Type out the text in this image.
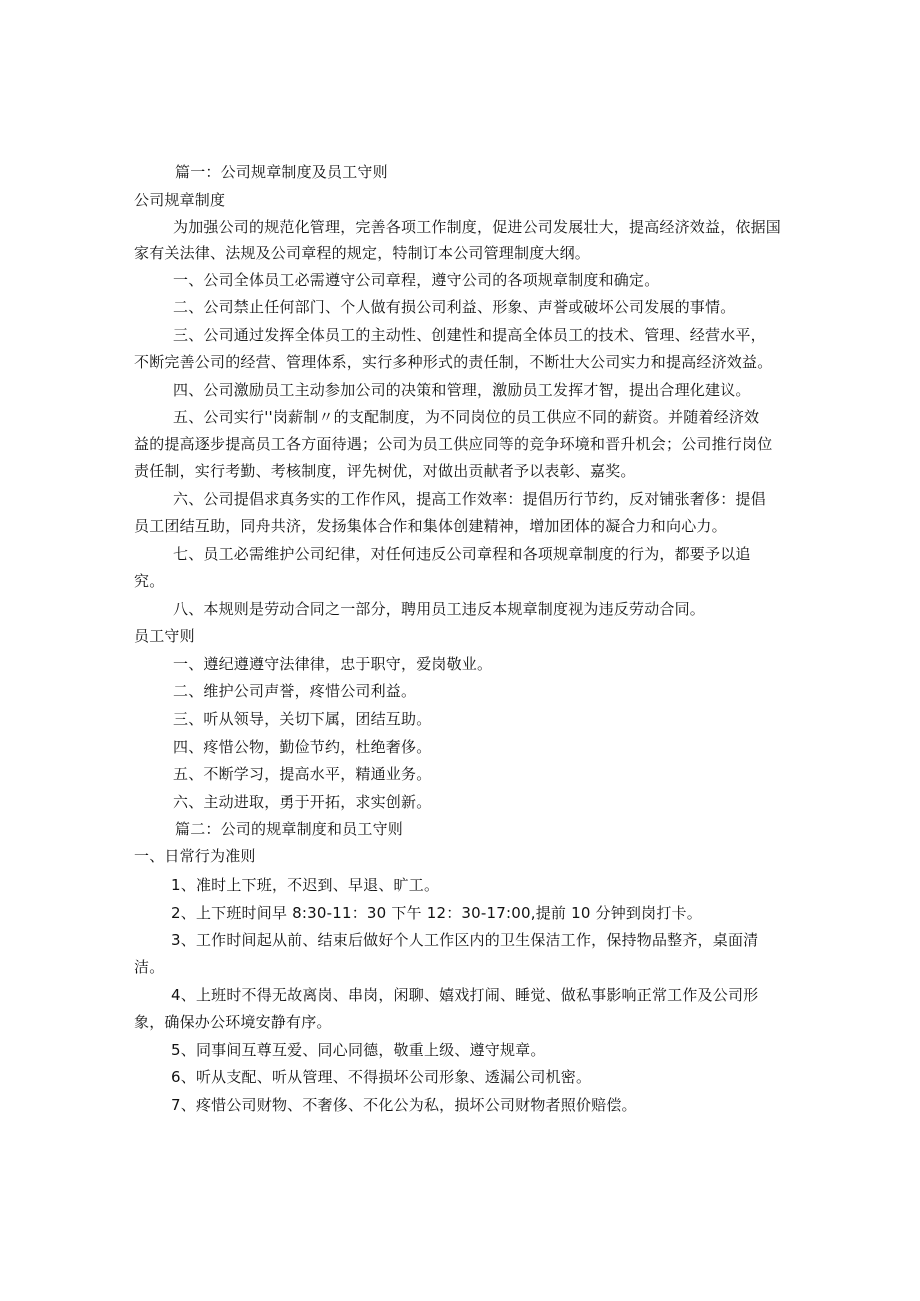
篇一：公司规章制度及员工守则
公司规章制度
为加强公司的规范化管理，完善各项工作制度，促进公司发展壮大，提高经济效益，依据国
家有关法律、法规及公司章程的规定，特制订本公司管理制度大纲。
一、公司全体员工必需遵守公司章程，遵守公司的各项规章制度和确定。
二、公司禁止任何部门、个人做有损公司利益、形象、声誉或破坏公司发展的事情。
三、公司通过发挥全体员工的主动性、创建性和提高全体员工的技术、管理、经营水平，
不断完善公司的经营、管理体系，实行多种形式的责任制，不断壮大公司实力和提高经济效益。
四、公司激励员工主动参加公司的决策和管理，激励员工发挥才智，提出合理化建议。
五、公司实行''岗薪制〃的支配制度，为不同岗位的员工供应不同的薪资。并随着经济效
益的提高逐步提高员工各方面待遇；公司为员工供应同等的竞争环境和晋升机会；公司推行岗位
责任制，实行考勤、考核制度，评先树优，对做出贡献者予以表彰、嘉奖。
六、公司提倡求真务实的工作作风，提高工作效率：提倡历行节约，反对铺张奢侈：提倡
员工团结互助，同舟共济，发扬集体合作和集体创建精神，增加团体的凝合力和向心力。
七、员工必需维护公司纪律，对任何违反公司章程和各项规章制度的行为，都要予以追
究。
八、本规则是劳动合同之一部分，聘用员工违反本规章制度视为违反劳动合同。
员工守则
一、遵纪遵遵守法律律，忠于职守，爱岗敬业。
二、维护公司声誉，疼惜公司利益。
三、听从领导，关切下属，团结互助。
四、疼惜公物，勤俭节约，杜绝奢侈。
五、不断学习，提高水平，精通业务。
六、主动进取，勇于开拓，求实创新。
篇二：公司的规章制度和员工守则
一、日常行为准则
1、准时上下班，不迟到、早退、旷工。
2、上下班时间早 8:30-11：30 下午 12：30-17:00,提前 10 分钟到岗打卡。
3、工作时间起从前、结束后做好个人工作区内的卫生保洁工作，保持物品整齐，桌面清
洁。
4、上班时不得无故离岗、串岗，闲聊、嬉戏打闹、睡觉、做私事影响正常工作及公司形
象，确保办公环境安静有序。
5、同事间互尊互爱、同心同德，敬重上级、遵守规章。
6、听从支配、听从管理、不得损坏公司形象、透漏公司机密。
7、疼惜公司财物、不奢侈、不化公为私，损坏公司财物者照价赔偿。
